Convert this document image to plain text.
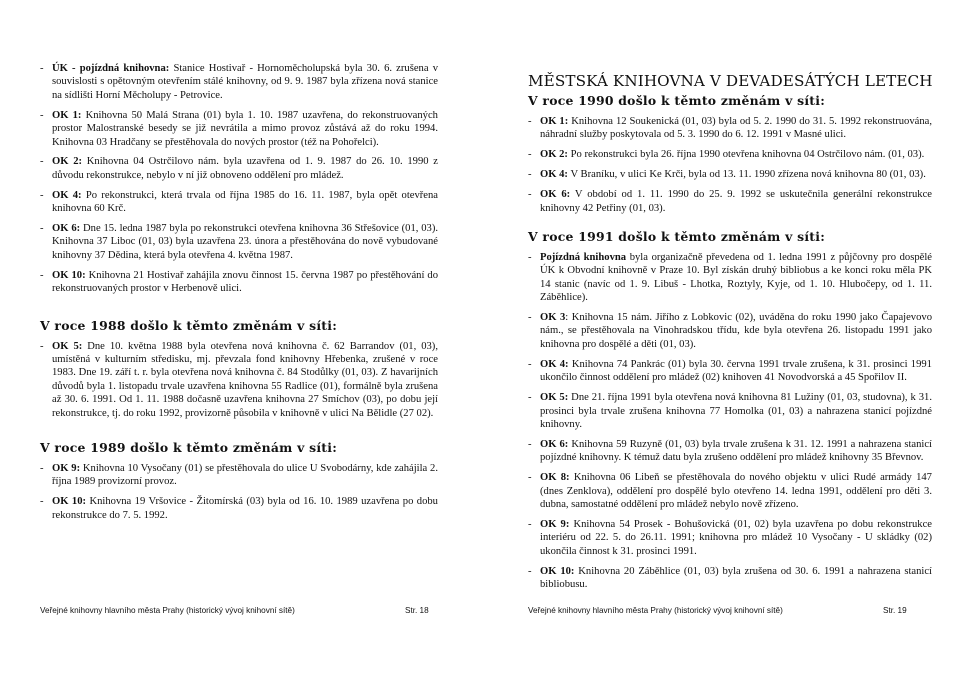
- ÚK - pojízdná knihovna: Stanice Hostivař - Hornoměcholupská byla 30. 6. zrušena v souvislosti s opětovným otevřením stálé knihovny, od 9. 9. 1987 byla zřízena nová stanice na sídlišti Horní Měcholupy - Petrovice.
- OK 1: Knihovna 50 Malá Strana (01) byla 1. 10. 1987 uzavřena, do rekonstruovaných prostor Malostranské besedy se již nevrátila a mimo provoz zůstává až do roku 1994. Knihovna 03 Hradčany se přestěhovala do nových prostor (též na Pohořelci).
- OK 2: Knihovna 04 Ostrčilovo nám. byla uzavřena od 1. 9. 1987 do 26. 10. 1990 z důvodu rekonstrukce, nebylo v ní již obnoveno oddělení pro mládež.
- OK 4: Po rekonstrukci, která trvala od října 1985 do 16. 11. 1987, byla opět otevřena knihovna 60 Krč.
- OK 6: Dne 15. ledna 1987 byla po rekonstrukci otevřena knihovna 36 Střešovice (01, 03). Knihovna 37 Liboc (01, 03) byla uzavřena 23. února a přestěhována do nově vybudované knihovny 37 Dědina, která byla otevřena 4. května 1987.
- OK 10: Knihovna 21 Hostivař zahájila znovu činnost 15. června 1987 po přestěhování do rekonstruovaných prostor v Herbenově ulici.
V roce 1988 došlo k těmto změnám v síti:
- OK 5: Dne 10. května 1988 byla otevřena nová knihovna č. 62 Barrandov (01, 03), umístěná v kulturním středisku, mj. převzala fond knihovny Hřebenka, zrušené v roce 1983. Dne 19. září t. r. byla otevřena nová knihovna č. 84 Stodůlky (01, 03). Z havarijních důvodů byla 1. listopadu trvale uzavřena knihovna 55 Radlice (01), formálně byla zrušena až 30. 6. 1991. Od 1. 11. 1988 dočasně uzavřena knihovna 27 Smíchov (03), po dobu její rekonstrukce, tj. do roku 1992, provizorně působila v knihovně v ulici Na Bělidle (27 02).
V roce 1989 došlo k těmto změnám v síti:
- OK 9: Knihovna 10 Vysočany (01) se přestěhovala do ulice U Svobodárny, kde zahájila 2. října 1989 provizorní provoz.
- OK 10: Knihovna 19 Vršovice - Žitomírská (03) byla od 16. 10. 1989 uzavřena po dobu rekonstrukce do 7. 5. 1992.
Veřejné knihovny hlavního města Prahy (historický vývoj knihovní sítě)	Str. 18
MĚSTSKÁ KNIHOVNA V DEVADESÁTÝCH LETECH
V roce 1990 došlo k těmto změnám v síti:
- OK 1: Knihovna 12 Soukenická (01, 03) byla od 5. 2. 1990 do 31. 5. 1992 rekonstruována, náhradní služby poskytovala od 5. 3. 1990 do 6. 12. 1991 v Masné ulici.
- OK 2: Po rekonstrukci byla 26. října 1990 otevřena knihovna 04 Ostrčilovo nám. (01, 03).
- OK 4: V Braníku, v ulici Ke Krči, byla od 13. 11. 1990 zřízena nová knihovna 80 (01, 03).
- OK 6: V období od 1. 11. 1990 do 25. 9. 1992 se uskutečnila generální rekonstrukce knihovny 42 Petřiny (01, 03).
V roce 1991 došlo k těmto změnám v síti:
- Pojízdná knihovna byla organizačně převedena od 1. ledna 1991 z půjčovny pro dospělé ÚK k Obvodní knihovně v Praze 10. Byl získán druhý bibliobus a ke konci roku měla PK 14 stanic (navíc od 1. 9. Libuš - Lhotka, Roztyly, Kyje, od 1. 10. Hlubočepy, od 1. 11. Záběhlice).
- OK 3: Knihovna 15 nám. Jiřího z Lobkovic (02), uváděna do roku 1990 jako Čapajevovo nám., se přestěhovala na Vinohradskou třídu, kde byla otevřena 26. listopadu 1991 jako knihovna pro dospělé a děti (01, 03).
- OK 4: Knihovna 74 Pankrác (01) byla 30. června 1991 trvale zrušena, k 31. prosinci 1991 ukončilo činnost oddělení pro mládež (02) knihoven 41 Novodvorská a 45 Spořilov II.
- OK 5: Dne 21. října 1991 byla otevřena nová knihovna 81 Lužiny (01, 03, studovna), k 31. prosinci byla trvale zrušena knihovna 77 Homolka (01, 03) a nahrazena stanicí pojízdné knihovny.
- OK 6: Knihovna 59 Ruzyně (01, 03) byla trvale zrušena k 31. 12. 1991 a nahrazena stanicí pojízdné knihovny. K témuž datu byla zrušeno oddělení pro mládež knihovny 35 Břevnov.
- OK 8: Knihovna 06 Libeň se přestěhovala do nového objektu v ulici Rudé armády 147 (dnes Zenklova), oddělení pro dospělé bylo otevřeno 14. ledna 1991, oddělení pro děti 3. dubna, samostatné oddělení pro mládež nebylo nově zřízeno.
- OK 9: Knihovna 54 Prosek - Bohušovická (01, 02) byla uzavřena po dobu rekonstrukce interiéru od 22. 5. do 26.11. 1991; knihovna pro mládež 10 Vysočany - U skládky (02) ukončila činnost k 31. prosinci 1991.
- OK 10: Knihovna 20 Záběhlice (01, 03) byla zrušena od 30. 6. 1991 a nahrazena stanicí bibliobusu.
Veřejné knihovny hlavního města Prahy (historický vývoj knihovní sítě)	Str. 19
